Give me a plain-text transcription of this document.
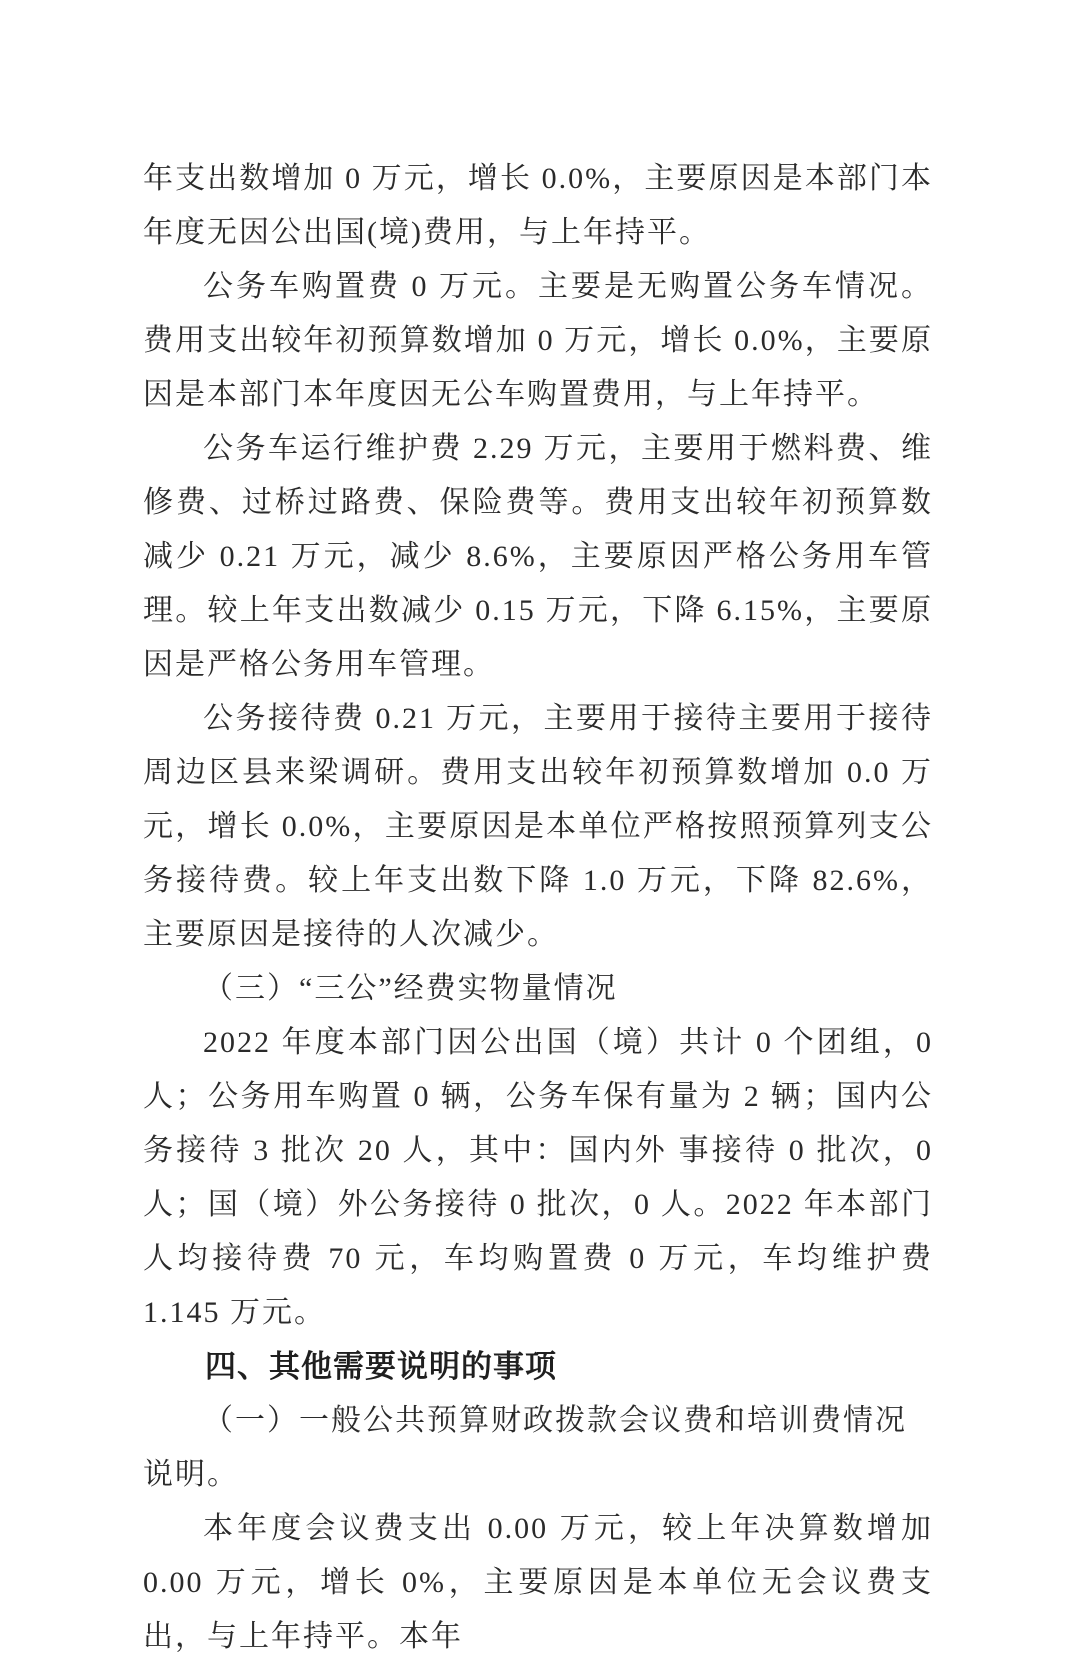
年支出数增加 0 万元，增长 0.0%，主要原因是本部门本年度无因公出国(境)费用，与上年持平。

公务车购置费 0 万元。主要是无购置公务车情况。费用支出较年初预算数增加 0 万元，增长 0.0%，主要原因是本部门本年度因无公车购置费用，与上年持平。

公务车运行维护费 2.29 万元，主要用于燃料费、维修费、过桥过路费、保险费等。费用支出较年初预算数减少 0.21 万元，减少 8.6%，主要原因严格公务用车管理。较上年支出数减少 0.15 万元，下降 6.15%，主要原因是严格公务用车管理。

公务接待费 0.21 万元，主要用于接待主要用于接待周边区县来梁调研。费用支出较年初预算数增加 0.0 万元，增长 0.0%，主要原因是本单位严格按照预算列支公务接待费。较上年支出数下降 1.0 万元，下降 82.6%，主要原因是接待的人次减少。

（三）“三公”经费实物量情况

2022 年度本部门因公出国（境）共计 0 个团组，0 人；公务用车购置 0 辆，公务车保有量为 2 辆；国内公务接待 3 批次 20 人，其中：国内外 事接待 0 批次，0 人；国（境）外公务接待 0 批次，0 人。2022 年本部门人均接待费 70 元，车均购置费 0 万元，车均维护费 1.145 万元。

四、其他需要说明的事项

（一）一般公共预算财政拨款会议费和培训费情况说明。

本年度会议费支出 0.00 万元，较上年决算数增加 0.00 万元，增长 0%，主要原因是本单位无会议费支出，与上年持平。本年
